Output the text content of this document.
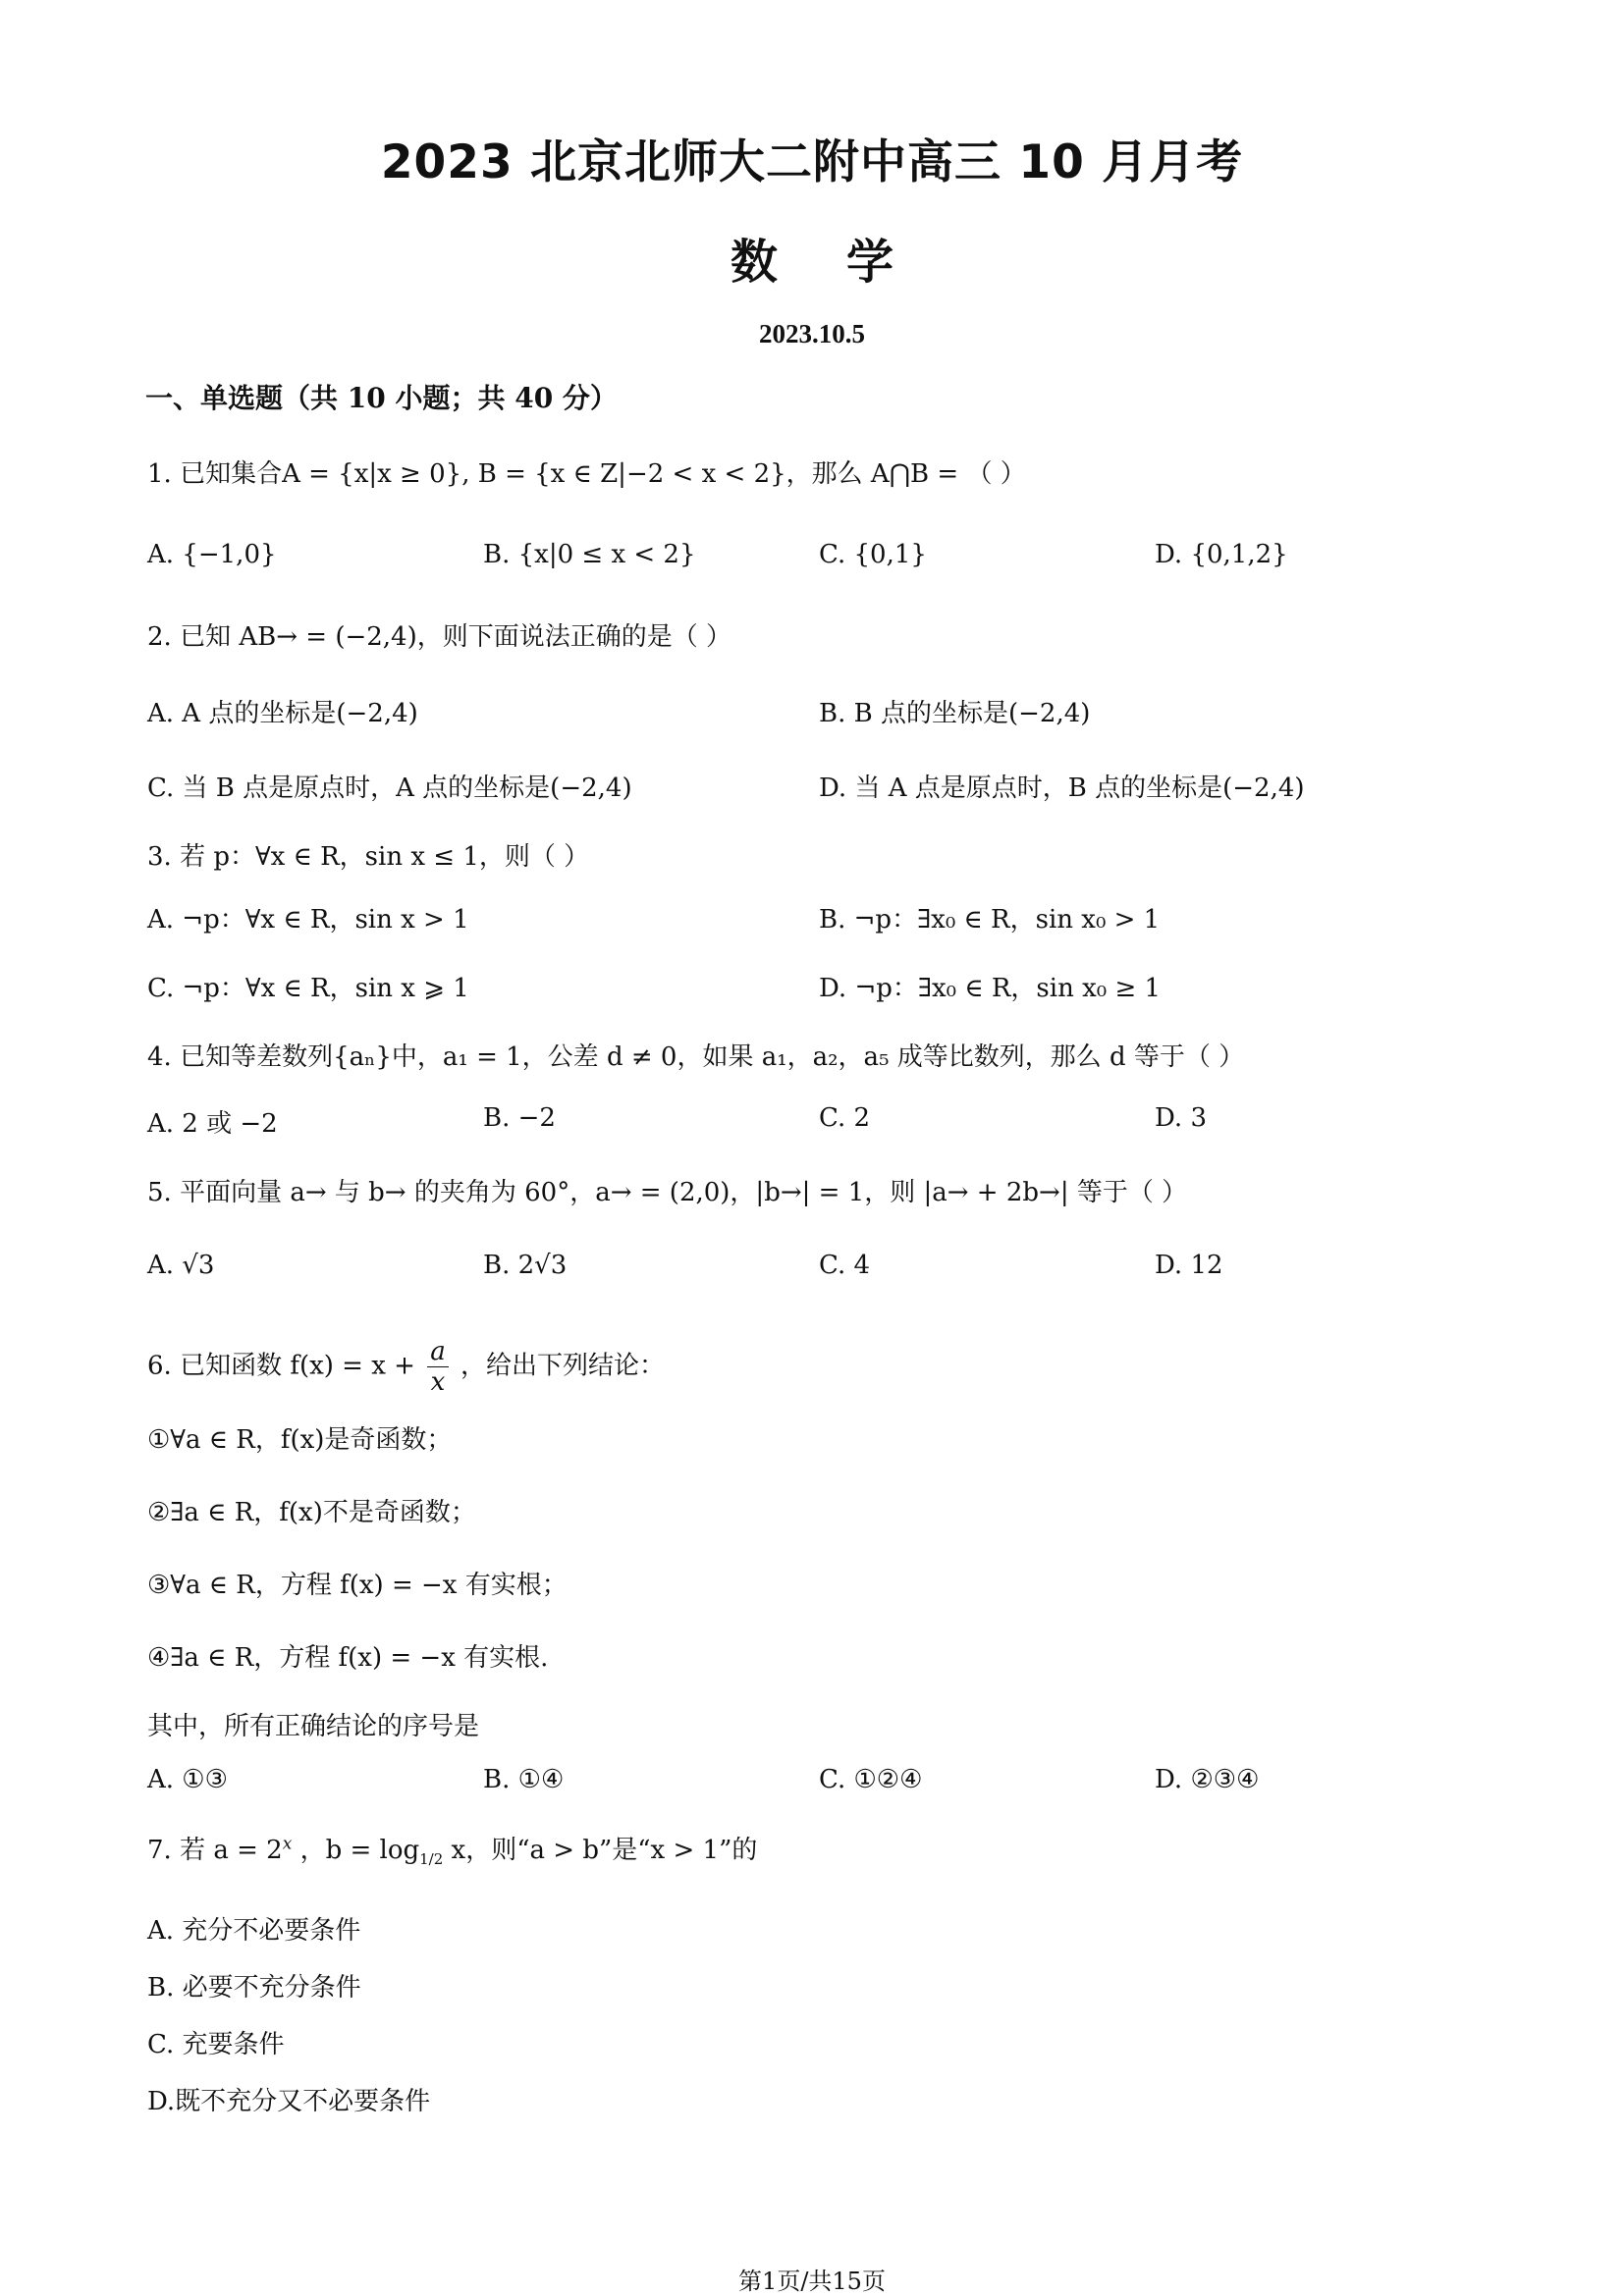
2023 北京北师大二附中高三 10 月月考
数学
2023.10.5
一、单选题（共 10 小题；共 40 分）
1. 已知集合A = {x|x ≥ 0}, B = {x ∈ Z|−2 < x < 2}，那么 A⋂B = （ ）
A. {−1,0}	B. {x|0 ≤ x < 2}	C. {0,1}	D. {0,1,2}
2. 已知 AB→ = (−2,4)，则下面说法正确的是（ ）
A. A 点的坐标是(−2,4)	B. B 点的坐标是(−2,4)
C. 当 B 点是原点时，A 点的坐标是(−2,4)	D. 当 A 点是原点时，B 点的坐标是(−2,4)
3. 若 p：∀x ∈ R，sin x ≤ 1，则（ ）
A. ¬p：∀x ∈ R，sin x > 1	B. ¬p：∃x₀ ∈ R，sin x₀ > 1
C. ¬p：∀x ∈ R，sin x ⩾ 1	D. ¬p：∃x₀ ∈ R，sin x₀ ≥ 1
4. 已知等差数列{aₙ}中，a₁ = 1，公差 d ≠ 0，如果 a₁，a₂，a₅ 成等比数列，那么 d 等于（ ）
A. 2 或 −2	B. −2	C. 2	D. 3
5. 平面向量 a→ 与 b→ 的夹角为 60°，a→ = (2,0)，|b→| = 1，则 |a→ + 2b→| 等于（ ）
A. √3	B. 2√3	C. 4	D. 12
6. 已知函数 $f(x) = x + \frac{a}{x}$ ，给出下列结论：
①∀a ∈ R，f(x)是奇函数；
②∃a ∈ R，f(x)不是奇函数；
③∀a ∈ R，方程 f(x) = −x 有实根；
④∃a ∈ R，方程 f(x) = −x 有实根.
其中，所有正确结论的序号是
A. ①③	B. ①④	C. ①②④	D. ②③④
7. 若 $a = 2^x$ ，$b = \log_{1/2} x$，则“a > b”是“x > 1”的
A. 充分不必要条件
B. 必要不充分条件
C. 充要条件
D.既不充分又不必要条件
第1页/共15页
